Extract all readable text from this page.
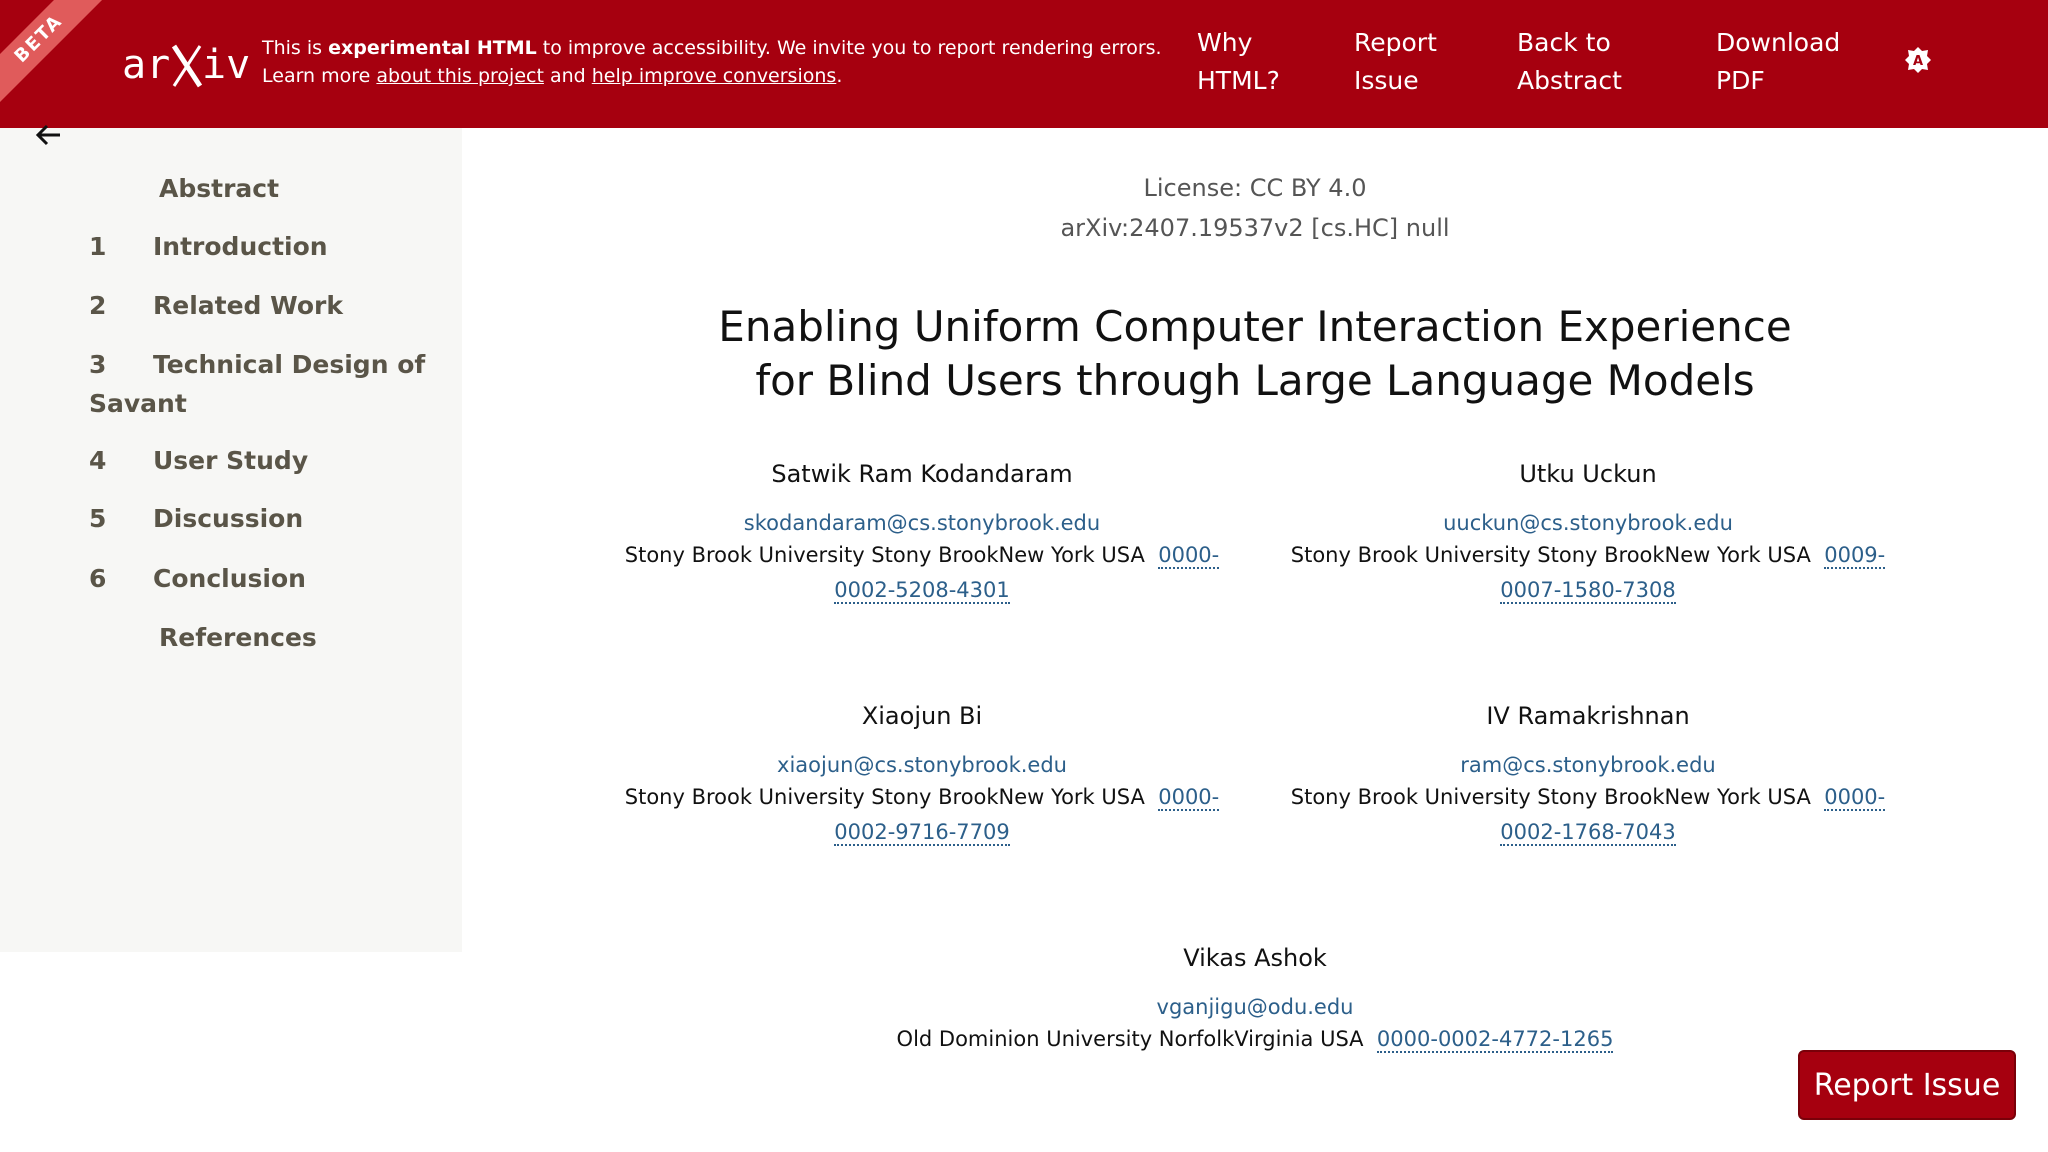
BETA	ar iv This is experimental HTML to improve accessibility. We invite you to report rendering errors.
Learn more about this project and help improve conversions.
Why
HTML?
Report
Issue
Back to
Abstract
Download
PDF
A
Abstract
1 Introduction
2 Related Work
3 Technical Design of
Savant
4 User Study
5 Discussion
6 Conclusion
References
License: CC BY 4.0
arXiv:2407.19537v2 [cs.HC] null
Enabling Uniform Computer Interaction Experience
for Blind Users through Large Language Models
Satwik Ram Kodandaram
skodandaram@cs.stonybrook.edu
Stony Brook University Stony BrookNew York USA 0000-
0002-5208-4301
Utku Uckun
uuckun@cs.stonybrook.edu
Stony Brook University Stony BrookNew York USA 0009-
0007-1580-7308
Xiaojun Bi
xiaojun@cs.stonybrook.edu
Stony Brook University Stony BrookNew York USA 0000-
0002-9716-7709
IV Ramakrishnan
ram@cs.stonybrook.edu
Stony Brook University Stony BrookNew York USA 0000-
0002-1768-7043
Vikas Ashok
vganjigu@odu.edu
Old Dominion University NorfolkVirginia USA 0000-0002-4772-1265
Report Issue
